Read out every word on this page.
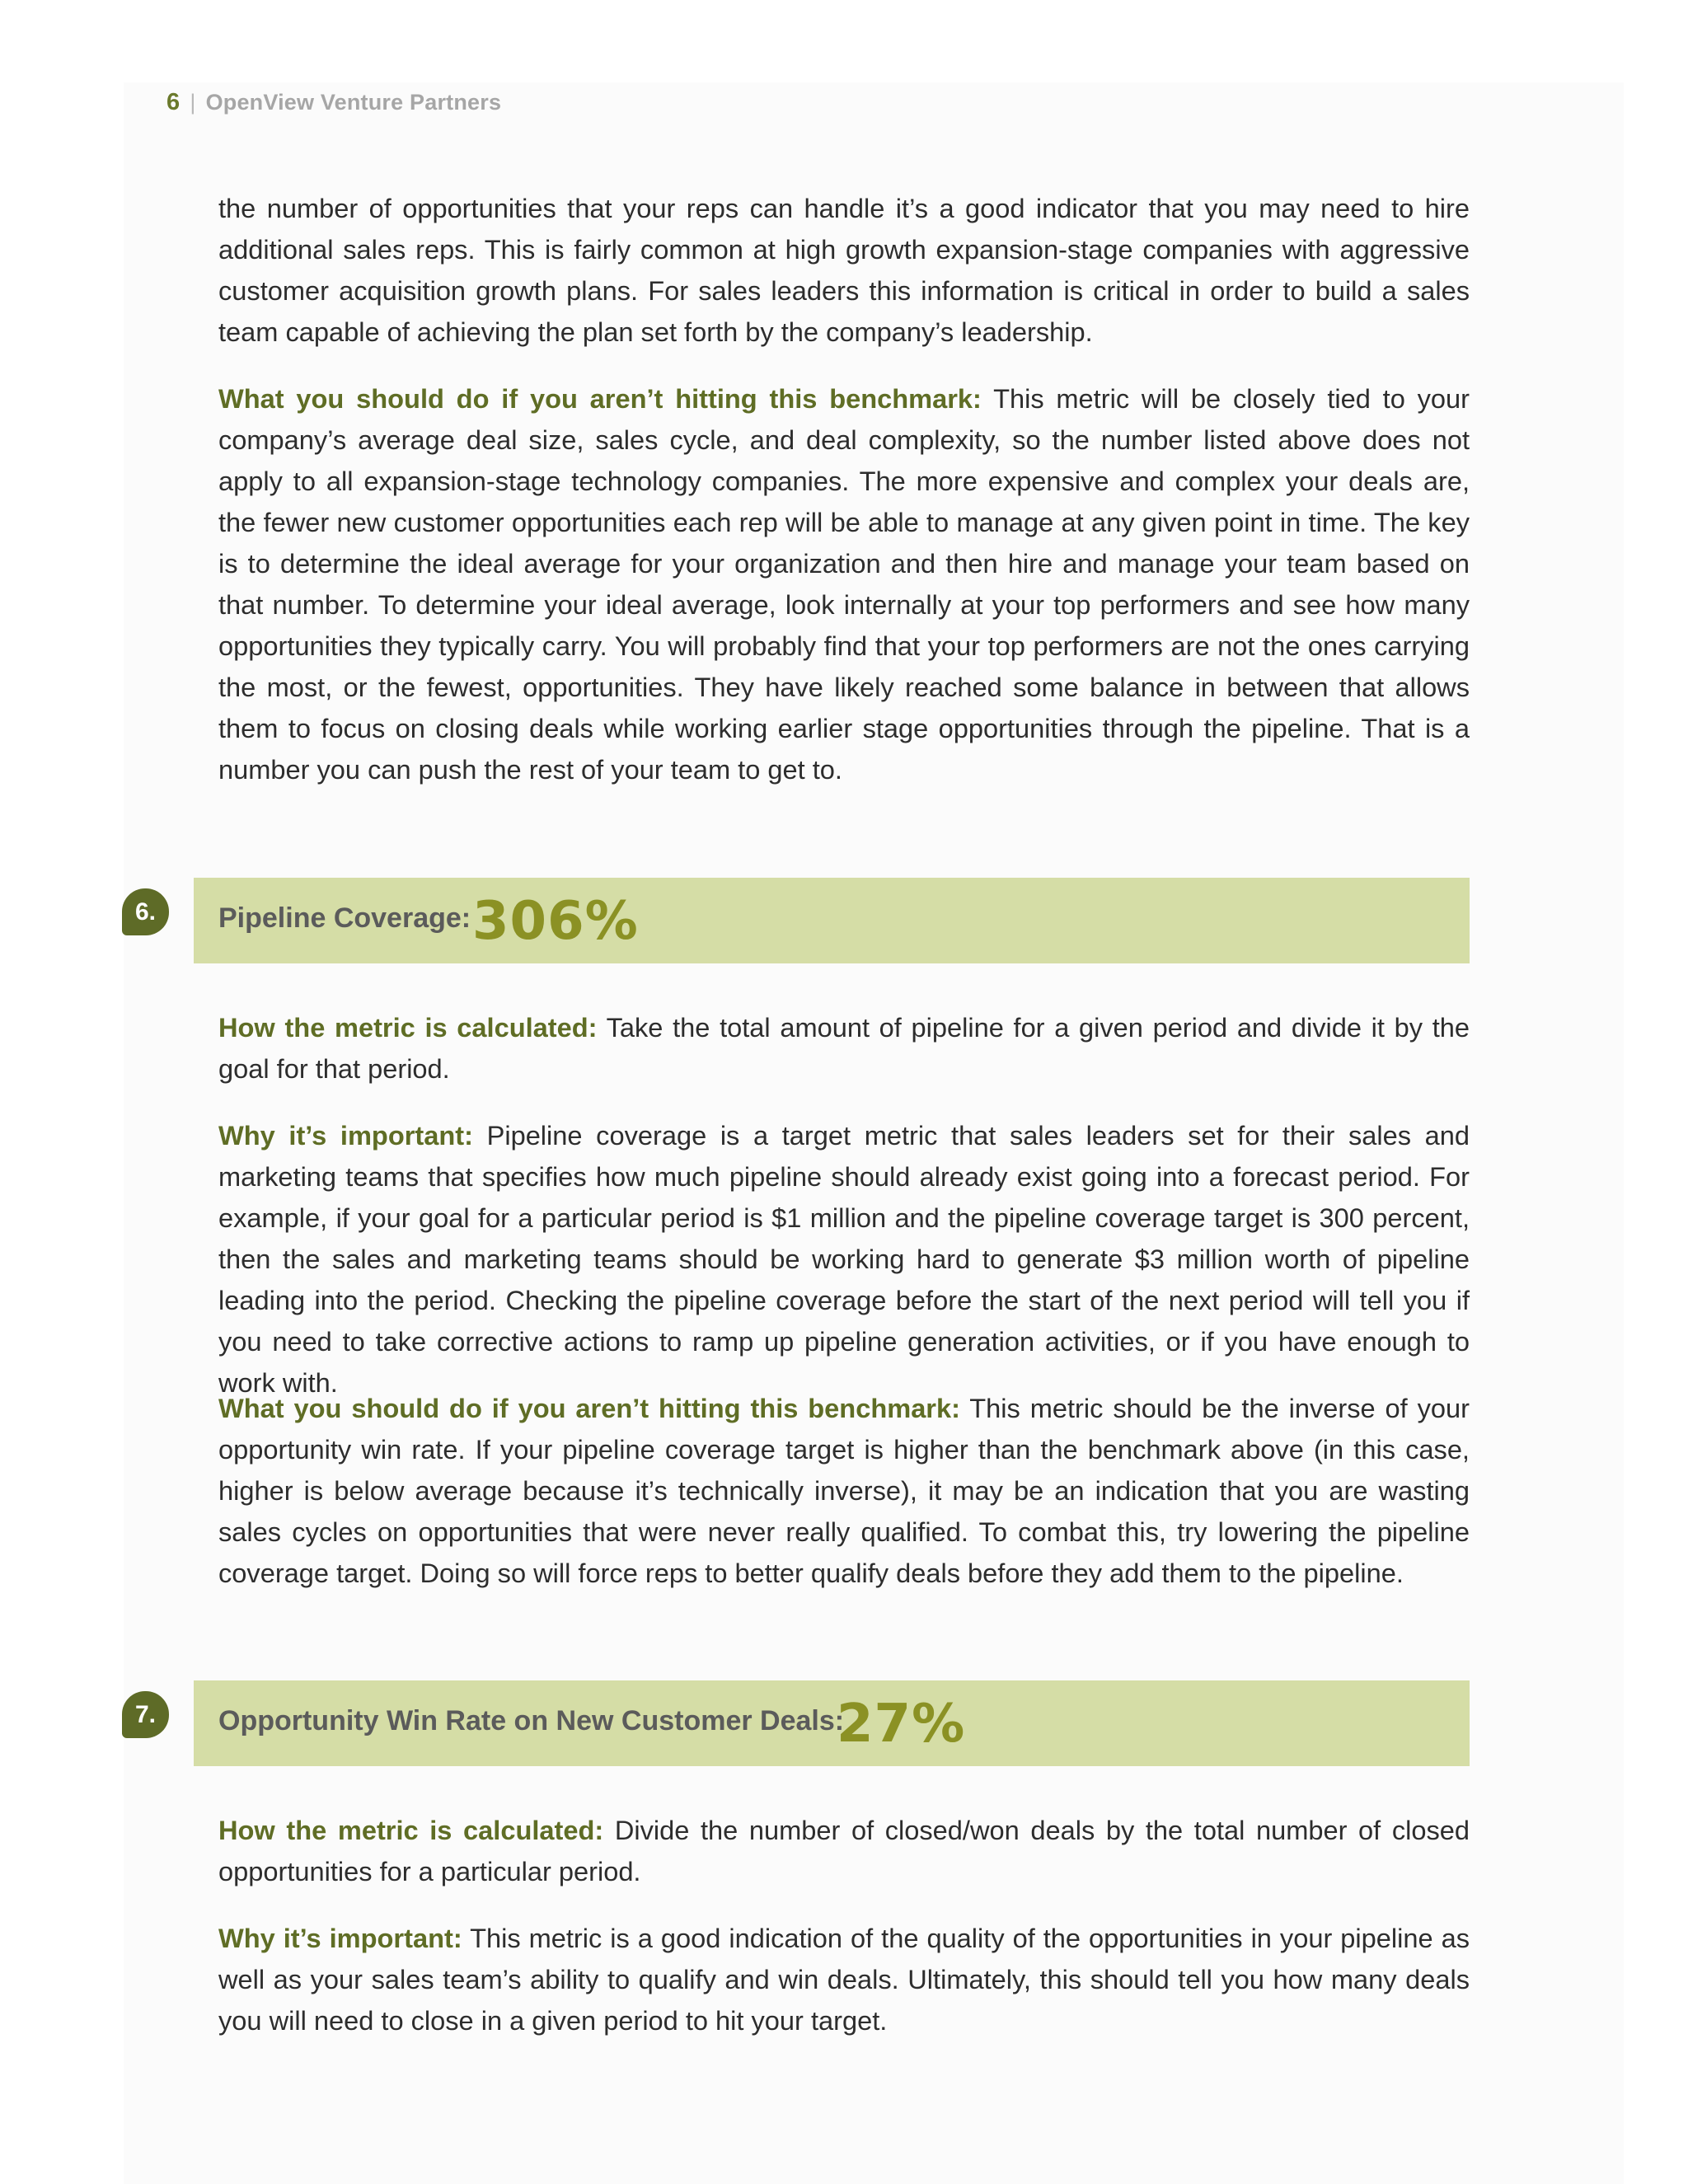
6 | OpenView Venture Partners

the number of opportunities that your reps can handle it’s a good indicator that you may need to hire additional sales reps. This is fairly common at high growth expansion-stage companies with aggressive customer acquisition growth plans. For sales leaders this information is critical in order to build a sales team capable of achieving the plan set forth by the company’s leadership.

What you should do if you aren’t hitting this benchmark: This metric will be closely tied to your company’s average deal size, sales cycle, and deal complexity, so the number listed above does not apply to all expansion-stage technology companies. The more expensive and complex your deals are, the fewer new customer opportunities each rep will be able to manage at any given point in time. The key is to determine the ideal average for your organization and then hire and manage your team based on that number. To determine your ideal average, look internally at your top performers and see how many opportunities they typically carry. You will probably find that your top performers are not the ones carrying the most, or the fewest, opportunities. They have likely reached some balance in between that allows them to focus on closing deals while working earlier stage opportunities through the pipeline. That is a number you can push the rest of your team to get to.

6.	Pipeline Coverage: 306%

How the metric is calculated: Take the total amount of pipeline for a given period and divide it by the goal for that period.

Why it’s important: Pipeline coverage is a target metric that sales leaders set for their sales and marketing teams that specifies how much pipeline should already exist going into a forecast period. For example, if your goal for a particular period is $1 million and the pipeline coverage target is 300 percent, then the sales and marketing teams should be working hard to generate $3 million worth of pipeline leading into the period. Checking the pipeline coverage before the start of the next period will tell you if you need to take corrective actions to ramp up pipeline generation activities, or if you have enough to work with.

What you should do if you aren’t hitting this benchmark: This metric should be the inverse of your opportunity win rate. If your pipeline coverage target is higher than the benchmark above (in this case, higher is below average because it’s technically inverse), it may be an indication that you are wasting sales cycles on opportunities that were never really qualified. To combat this, try lowering the pipeline coverage target. Doing so will force reps to better qualify deals before they add them to the pipeline.

7.	Opportunity Win Rate on New Customer Deals:
27%

How the metric is calculated: Divide the number of closed/won deals by the total number of closed opportunities for a particular period.

Why it’s important: This metric is a good indication of the quality of the opportunities in your pipeline as well as your sales team’s ability to qualify and win deals. Ultimately, this should tell you how many deals you will need to close in a given period to hit your target.
